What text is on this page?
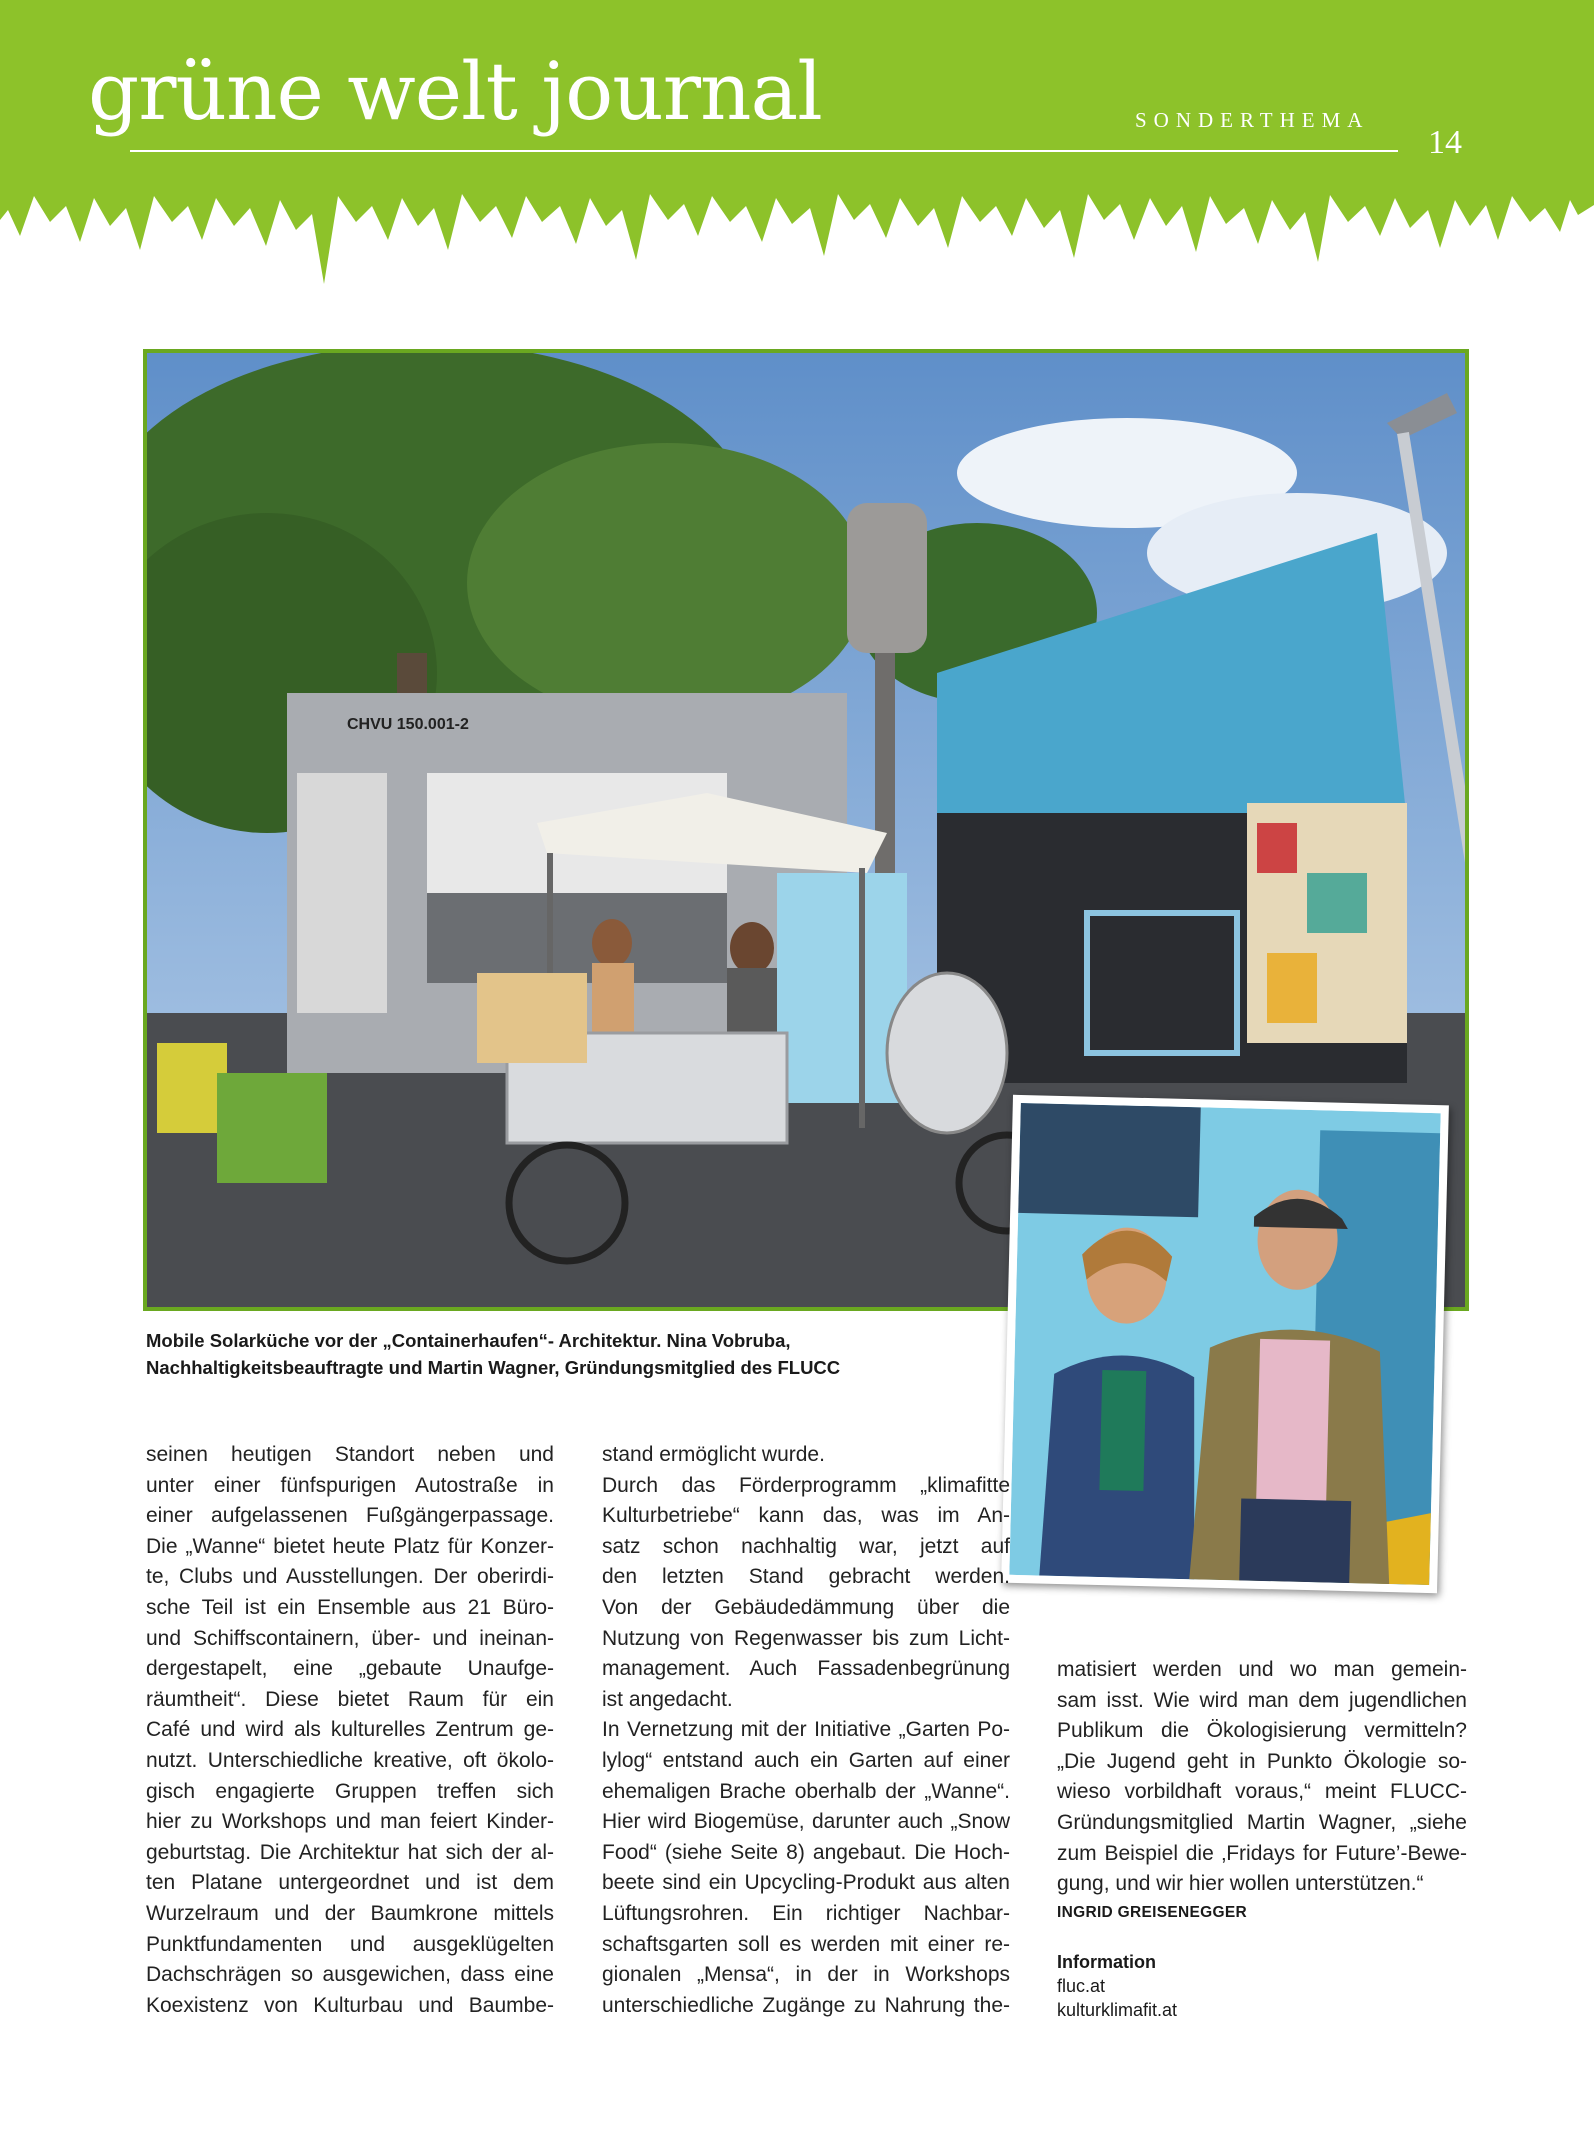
grüne welt journal	SONDERTHEMA
14
CHVU 150.001-2

Mobile Solarküche vor der „Containerhaufen“- Architektur. Nina Vobruba, Nachhaltigkeitsbeauftragte und Martin Wagner, Gründungsmitglied des FLUCC

seinen heutigen Standort neben und
unter einer fünfspurigen Autostraße in
einer aufgelassenen Fußgängerpassage.
Die „Wanne“ bietet heute Platz für Konzer-
te, Clubs und Ausstellungen. Der oberirdi-
sche Teil ist ein Ensemble aus 21 Büro-
und Schiffscontainern, über- und ineinan-
dergestapelt, eine „gebaute Unaufge-
räumtheit“. Diese bietet Raum für ein
Café und wird als kulturelles Zentrum ge-
nutzt. Unterschiedliche kreative, oft ökolo-
gisch engagierte Gruppen treffen sich
hier zu Workshops und man feiert Kinder-
geburtstag. Die Architektur hat sich der al-
ten Platane untergeordnet und ist dem
Wurzelraum und der Baumkrone mittels
Punktfundamenten und ausgeklügelten
Dachschrägen so ausgewichen, dass eine
Koexistenz von Kulturbau und Baumbe-
stand ermöglicht wurde.
Durch das Förderprogramm „klimafitte
Kulturbetriebe“ kann das, was im An-
satz schon nachhaltig war, jetzt auf
den letzten Stand gebracht werden.
Von der Gebäudedämmung über die
Nutzung von Regenwasser bis zum Licht-
management. Auch Fassadenbegrünung
ist angedacht.
In Vernetzung mit der Initiative „Garten Po-
lylog“ entstand auch ein Garten auf einer
ehemaligen Brache oberhalb der „Wanne“.
Hier wird Biogemüse, darunter auch „Snow
Food“ (siehe Seite 8) angebaut. Die Hoch-
beete sind ein Upcycling-Produkt aus alten
Lüftungsrohren. Ein richtiger Nachbar-
schaftsgarten soll es werden mit einer re-
gionalen „Mensa“, in der in Workshops
unterschiedliche Zugänge zu Nahrung the-
matisiert werden und wo man gemein-
sam isst. Wie wird man dem jugendlichen
Publikum die Ökologisierung vermitteln?
„Die Jugend geht in Punkto Ökologie so-
wieso vorbildhaft voraus,“ meint FLUCC-
Gründungsmitglied Martin Wagner, „siehe
zum Beispiel die ‚Fridays for Future’-Bewe-
gung, und wir hier wollen unterstützen.“

INGRID GREISENEGGER

Information
fluc.at
kulturklimafit.at
